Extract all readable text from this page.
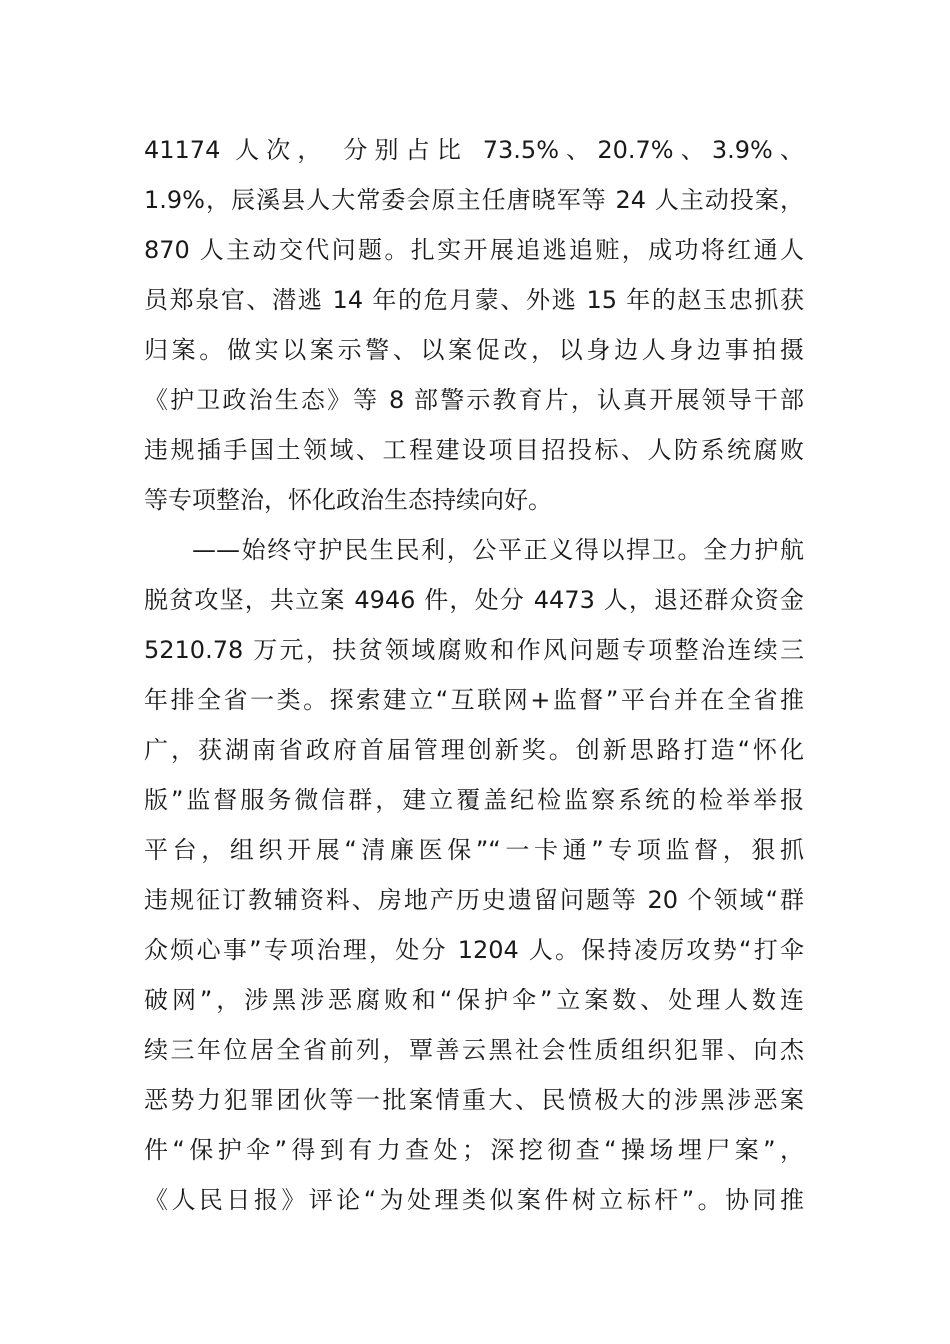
41174 人次， 分别占比 73.5%、20.7%、3.9%、
1.9%，辰溪县人大常委会原主任唐晓军等 24 人主动投案，
870 人主动交代问题。扎实开展追逃追赃，成功将红通人
员郑泉官、潜逃 14 年的危月蒙、外逃 15 年的赵玉忠抓获
归案。做实以案示警、以案促改，以身边人身边事拍摄
《护卫政治生态》等 8 部警示教育片，认真开展领导干部
违规插手国土领域、工程建设项目招投标、人防系统腐败
等专项整治，怀化政治生态持续向好。
——始终守护民生民利，公平正义得以捍卫。全力护航
脱贫攻坚，共立案 4946 件，处分 4473 人，退还群众资金
5210.78 万元，扶贫领域腐败和作风问题专项整治连续三
年排全省一类。探索建立“互联网+监督”平台并在全省推
广，获湖南省政府首届管理创新奖。创新思路打造“怀化
版”监督服务微信群，建立覆盖纪检监察系统的检举举报
平台，组织开展“清廉医保”“一卡通”专项监督，狠抓
违规征订教辅资料、房地产历史遗留问题等 20 个领域“群
众烦心事”专项治理，处分 1204 人。保持凌厉攻势“打伞
破网”，涉黑涉恶腐败和“保护伞”立案数、处理人数连
续三年位居全省前列，覃善云黑社会性质组织犯罪、向杰
恶势力犯罪团伙等一批案情重大、民愤极大的涉黑涉恶案
件“保护伞”得到有力查处；深挖彻查“操场埋尸案”，
《人民日报》评论“为处理类似案件树立标杆”。协同推
